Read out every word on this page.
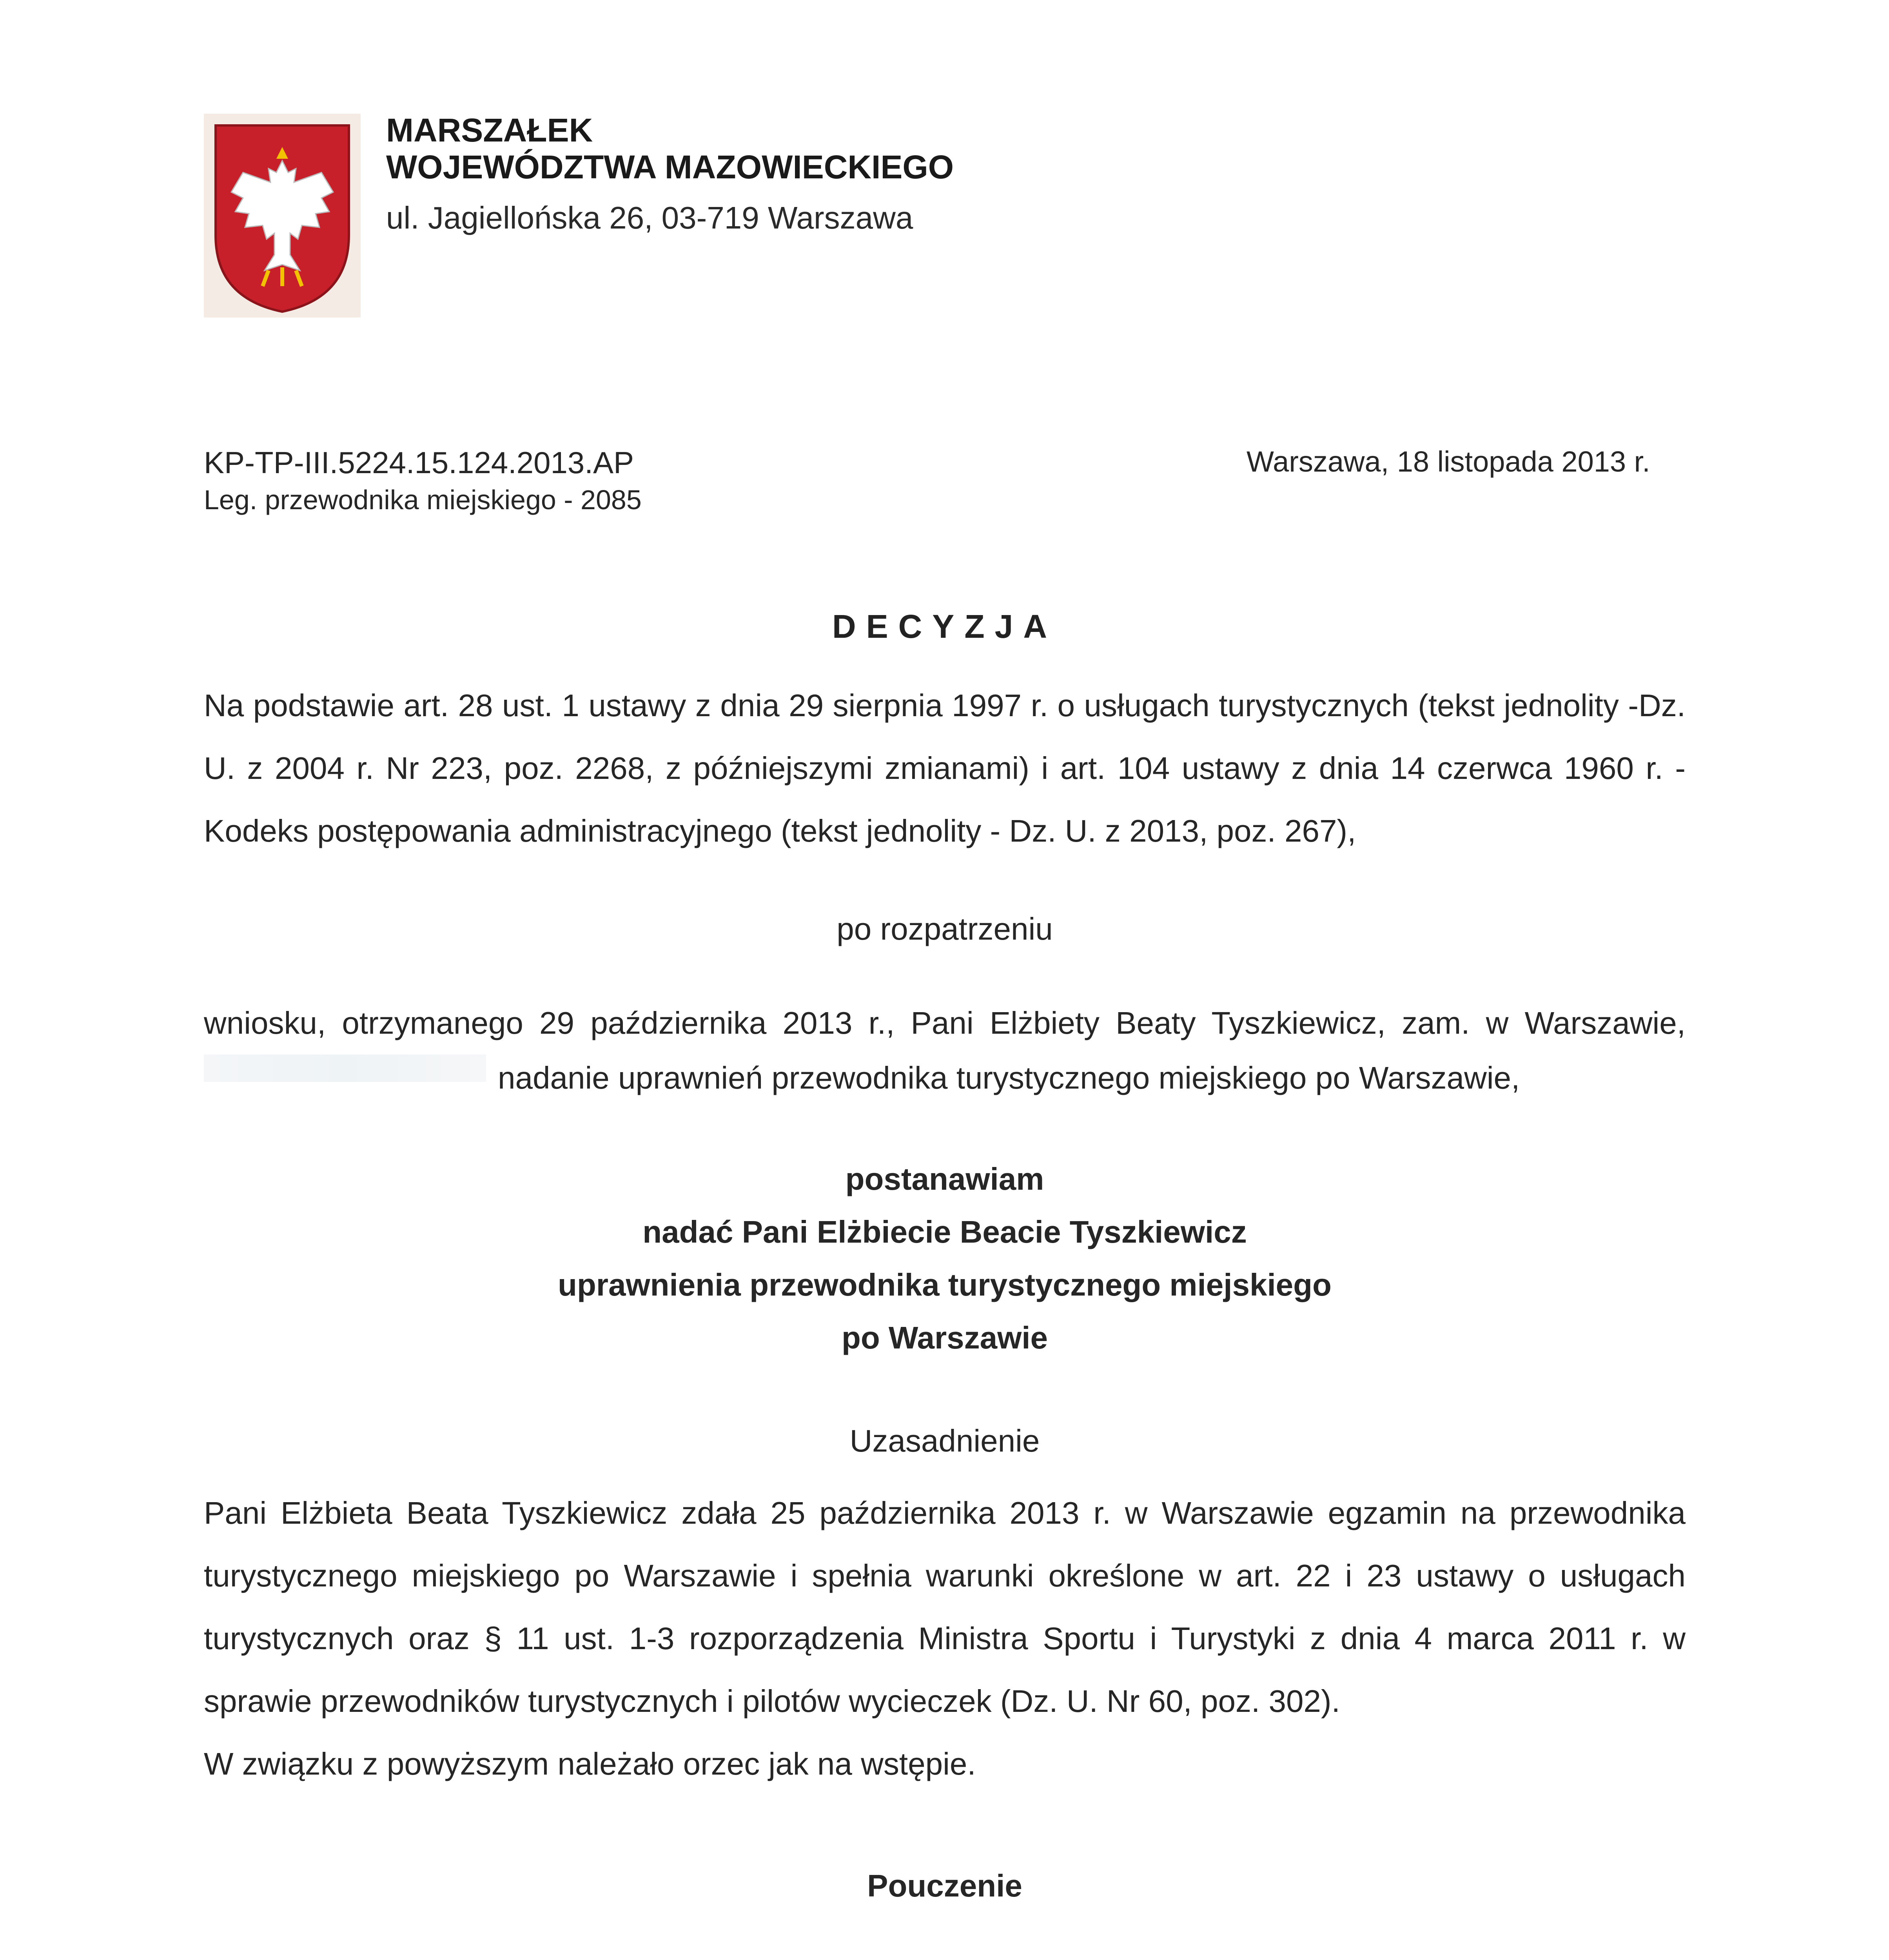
MARSZAŁEK
WOJEWÓDZTWA MAZOWIECKIEGO
ul. Jagiellońska 26, 03-719 Warszawa
KP-TP-III.5224.15.124.2013.AP
Leg. przewodnika miejskiego - 2085
Warszawa, 18 listopada 2013 r.
DECYZJA
Na podstawie art. 28 ust. 1 ustawy z dnia 29 sierpnia 1997 r. o usługach turystycznych (tekst jednolity -Dz. U. z 2004 r. Nr 223, poz. 2268, z późniejszymi zmianami) i art. 104 ustawy z dnia 14 czerwca 1960 r. - Kodeks postępowania administracyjnego (tekst jednolity - Dz. U. z 2013, poz. 267),
po rozpatrzeniu
wniosku, otrzymanego 29 października 2013 r., Pani Elżbiety Beaty Tyszkiewicz, zam. w Warszawie,
nadanie uprawnień przewodnika turystycznego miejskiego po Warszawie,
postanawiam
nadać Pani Elżbiecie Beacie Tyszkiewicz
uprawnienia przewodnika turystycznego miejskiego
po Warszawie
Uzasadnienie
Pani Elżbieta Beata Tyszkiewicz zdała 25 października 2013 r. w Warszawie egzamin na przewodnika turystycznego miejskiego po Warszawie i spełnia warunki określone w art. 22 i 23 ustawy o usługach turystycznych oraz § 11 ust. 1-3 rozporządzenia Ministra Sportu i Turystyki z dnia 4 marca 2011 r. w sprawie przewodników turystycznych i pilotów wycieczek (Dz. U. Nr 60, poz. 302).
W związku z powyższym należało orzec jak na wstępie.
Pouczenie
